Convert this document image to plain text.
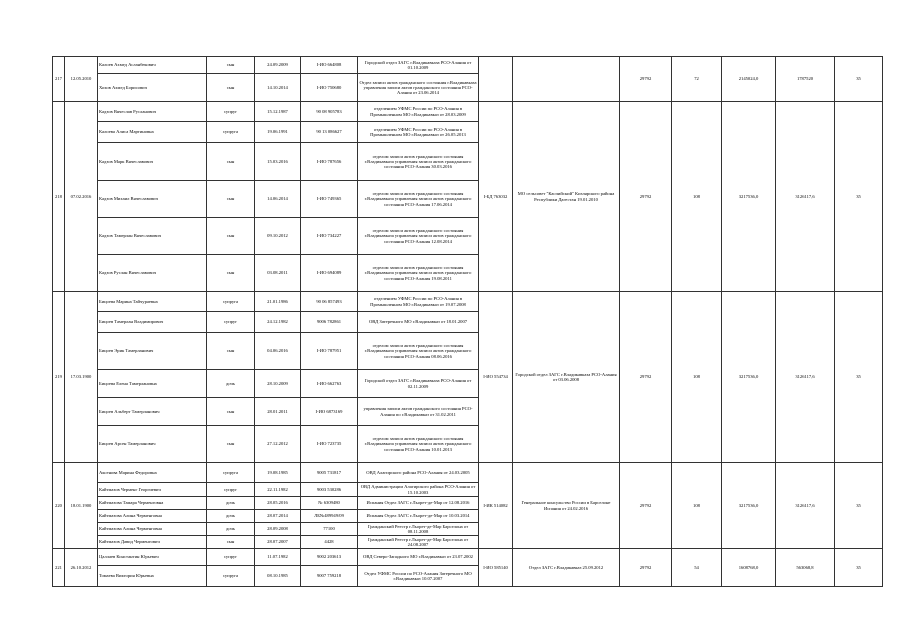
217	12.05.2010	Калоев Ахмед Асланбекович	сын	24.09.2009	I-ИО 664808	Городской отдел ЗАГС г.Владикавказа РСО-Алания от 01.10.2009			29792	72	2145024,0	1787520	35
		Хохов Ахмед Борисович	сын	14.10.2014	I-ИО 750680	Отдел записи актов гражданского состояния г.Владикавказа управления записи актов гражданского состояния РСО-Алания от 23.06.2014							
218	07.02.2016	Кадзов Вячеслав Русланович	супруг	15.12.1987	90 08 905783	отделением УФМС России по РСО-Алания в Промышленном МО г.Владикавказ от 28.03.2009	I-БД 763032	МО сельсовет "Каспийский" Кизлярского района Республики Дагестан 19.01.2010	29792	108	3217536,0	3126117,6	35
		Калоева Алиса Мартиновна	супруга	19.06.1991	90 13 086627	отделением УФМС России по РСО-Алания в Промышленном МО г.Владикавказ от 26.05.2013							
		Кадзов Марк Вячеславович	сын	15.03.2016	I-ИО 787656	отделом записи актов гражданского состояния г.Владикавказа управления записи актов гражданского состояния РСО-Алания 30.03.2016							
		Кадзов Михаил Вячеславович	сын	14.06.2014	I-ИО 749365	отделом записи актов гражданского состояния г.Владикавказа управления записи актов гражданского состояния РСО-Алания 17.06.2014							
		Кадзов Тамерлан Вячеславович	сын	09.10.2012	I-ИО 734227	отделом записи актов гражданского состояния г.Владикавказа управления записи актов гражданского состояния РСО-Алания 12.08.2014							
		Кадзов Руслан Вячеславович	сын	03.08.2011	I-ИО 694089	отделом записи актов гражданского состояния г.Владикавказа управления записи актов гражданского состояния РСО-Алания 19.08.2011							
219	17.03.1900	Бицоева Марина Тайчураевна	супруга	21.01.1986	90 06 857493	отделением УФМС России по РСО-Алания в Промышленном МО г.Владикавказ от 19.07.2008	I-ИО 554734	Городской отдел ЗАГС г.Владикавказа РСО-Алания от 03.06.2008	29792	108	3217536,0	3126117,6	35
		Бицоев Тамерлан Владимирович	супруг	24.12.1982	9006 782861	ОВД Затеречного МО г.Владикавказ от 18.01.2007							
		Бицоев Эрик Тамерланович	сын	04.06.2016	I-ИО 787951	отделом записи актов гражданского состояния г.Владикавказа управления записи актов гражданского состояния РСО-Алания 08.06.2016							
		Бицоева Елена Тамерлановна	дочь	28.10.2009	I-ИО 662763	Городской отдел ЗАГС г.Владикавказа РСО-Алания от 02.11.2009							
		Бицоев Альберт Тамерланович	сын	28.01.2011	I-ИО 6873169	управления записи актов гражданского состояния РСО-Алания по г.Владикавказ от 31.02.2011							
		Бицоев Арсен Тамерланович	сын	27.12.2012	I-ИО 723735	отделом записи актов гражданского состояния г.Владикавказа управления записи актов гражданского состояния РСО-Алания 10.01.2013							
220	18.01.1900	Аксенова Марина Федоровна	супруга	19.08.1985	9005 731817	ОВД Алагирского района РСО-Алания от 24.03.2005	I-ИК 514082	Генеральное консульство России в Барселоне Испания от 24.02.2016	29792	108	3217536,0	3126117,6	35
		Кайтмазов Черменг Георгиевич	супруг	22.11.1982	9003 530286	ОВД Администрации Алагирского района РСО-Алания от 15.10.2003							
		Кайтмазова Тамара Черменговна	дочь	28.05.2016	№ 6309480	Испания Отдел ЗАГС г.Льорет-де-Мар от 12.08.2016							
		Кайтмазова Алина Черменговна	дочь	28.07.2014	ЛБ№489949/09	Испания Отдел ЗАГС г.Льорет-де-Мар от 10.03.2014							
		Кайтмазова Алина Черменговна	дочь	28.09.2008	77100	Гражданский Реестр г.Льорет-де-Мар Барселона от 08.11.2008							
		Кайтмазов Давид Черменгович	сын	28.07.2007	4428	Гражданский Реестр г.Льорет-де-Мар Барселона от 24.08.2007							
221	26.10.2012	Цаллаев Константин Юрьевич	супруг	11.07.1982	9002 203613	ОВД Северо-Западного МО г.Владикавказ от 23.07.2002	I-ИО 585140	Отдел ЗАГС г.Владикавказ 25.09.2012	29792	54	1608768,0	563068,8	35
		Томаева Виктория Юрьевна	супруга	08.10.1985	9007 759218	Отдел УФМС России по РСО-Алания Затеречного МО г.Владикавказ 10.07.2007							
